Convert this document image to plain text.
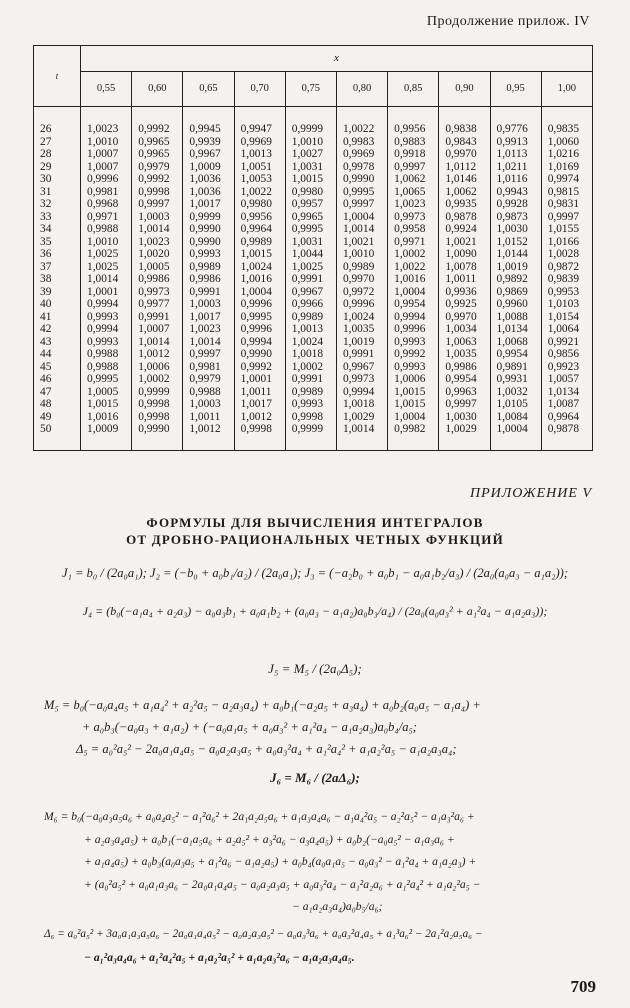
Продолжение прилож. IV
t	x									
	0,55	0,60	0,65	0,70	0,75	0,80	0,85	0,90	0,95	1,00
26	1,0023	0,9992	0,9945	0,9947	0,9999	1,0022	0,9956	0,9838	0,9776	0,9835
27	1,0010	0,9965	0,9939	0,9969	1,0010	0,9983	0,9883	0,9843	0,9913	1,0060
28	1,0007	0,9965	0,9967	1,0013	1,0027	0,9969	0,9918	0,9970	1,0113	1,0216
29	1,0007	0,9979	1,0009	1,0051	1,0031	0,9978	0,9997	1,0112	1,0211	1,0169
30	0,9996	0,9992	1,0036	1,0053	1,0015	0,9990	1,0062	1,0146	1,0116	0,9974
31	0,9981	0,9998	1,0036	1,0022	0,9980	0,9995	1,0065	1,0062	0,9943	0,9815
32	0,9968	0,9997	1,0017	0,9980	0,9957	0,9997	1,0023	0,9935	0,9928	0,9831
33	0,9971	1,0003	0,9999	0,9956	0,9965	1,0004	0,9973	0,9878	0,9873	0,9997
34	0,9988	1,0014	0,9990	0,9964	0,9995	1,0014	0,9958	0,9924	1,0030	1,0155
35	1,0010	1,0023	0,9990	0,9989	1,0031	1,0021	0,9971	1,0021	1,0152	1,0166
36	1,0025	1,0020	0,9993	1,0015	1,0044	1,0010	1,0002	1,0090	1,0144	1,0028
37	1,0025	1,0005	0,9989	1,0024	1,0025	0,9989	1,0022	1,0078	1,0019	0,9872
38	1,0014	0,9986	0,9986	1,0016	0,9991	0,9970	1,0016	1,0011	0,9892	0,9839
39	1,0001	0,9973	0,9991	1,0004	0,9967	0,9972	1,0004	0,9936	0,9869	0,9953
40	0,9994	0,9977	1,0003	0,9996	0,9966	0,9996	0,9954	0,9925	0,9960	1,0103
41	0,9993	0,9991	1,0017	0,9995	0,9989	1,0024	0,9994	0,9970	1,0088	1,0154
42	0,9994	1,0007	1,0023	0,9996	1,0013	1,0035	0,9996	1,0034	1,0134	1,0064
43	0,9993	1,0014	1,0014	0,9994	1,0024	1,0019	0,9993	1,0063	1,0068	0,9921
44	0,9988	1,0012	0,9997	0,9990	1,0018	0,9991	0,9992	1,0035	0,9954	0,9856
45	0,9988	1,0006	0,9981	0,9992	1,0002	0,9967	0,9993	0,9986	0,9891	0,9923
46	0,9995	1,0002	0,9979	1,0001	0,9991	0,9973	1,0006	0,9954	0,9931	1,0057
47	1,0005	0,9999	0,9988	1,0011	0,9989	0,9994	1,0015	0,9963	1,0032	1,0134
48	1,0015	0,9998	1,0003	1,0017	0,9993	1,0018	1,0015	0,9997	1,0105	1,0087
49	1,0016	0,9998	1,0011	1,0012	0,9998	1,0029	1,0004	1,0030	1,0084	0,9964
50	1,0009	0,9990	1,0012	0,9998	0,9999	1,0014	0,9982	1,0029	1,0004	0,9878
ПРИЛОЖЕНИЕ V
ФОРМУЛЫ ДЛЯ ВЫЧИСЛЕНИЯ ИНТЕГРАЛОВ
ОТ ДРОБНО-РАЦИОНАЛЬНЫХ ЧЕТНЫХ ФУНКЦИЙ
J₁ = b₀ / (2a₀a₁); J₂ = (−b₀ + a₀b₁/a₂) / (2a₀a₁); J₃ = (−a₂b₀ + a₀b₁ − a₀a₁b₂/a₃) / (2a₀(a₀a₃ − a₁a₂));
J₄ = (b₀(−a₁a₄ + a₂a₃) − a₀a₃b₁ + a₀a₁b₂ + (a₀a₃ − a₁a₂)a₀b₃/a₄) / (2a₀(a₀a₃² + a₁²a₄ − a₁a₂a₃));
J₅ = M₅ / (2a₀Δ₅);
M₅ = b₀(−a₀a₄a₅ + a₁a₄² + a₂²a₅ − a₂a₃a₄) + a₀b₁(−a₂a₅ + a₃a₄) + a₀b₂(a₀a₅ − a₁a₄) +
+ a₀b₃(−a₀a₃ + a₁a₂) + (−a₀a₁a₅ + a₀a₃² + a₁²a₄ − a₁a₂a₃)a₀b₄/a₅;
Δ₅ = a₀²a₅² − 2a₀a₁a₄a₅ − a₀a₂a₃a₅ + a₀a₃²a₄ + a₁²a₄² + a₁a₂²a₅ − a₁a₂a₃a₄;
J₆ = M₆ / (2aΔ₆);
M₆ = b₀(−a₀a₃a₅a₆ + a₀a₄a₅² − a₁²a₆² + 2a₁a₂a₅a₆ + a₁a₃a₄a₆ − a₁a₄²a₅ − a₂²a₅² − a₁a₃²a₆ +
+ a₂a₃a₄a₅) + a₀b₁(−a₁a₅a₆ + a₂a₅² + a₃²a₆ − a₃a₄a₅) + a₀b₂(−a₀a₅² − a₁a₃a₆ +
+ a₁a₄a₅) + a₀b₃(a₀a₃a₅ + a₁²a₆ − a₁a₂a₅) + a₀b₄(a₀a₁a₅ − a₀a₃² − a₁²a₄ + a₁a₂a₃) +
+ (a₀²a₅² + a₀a₁a₃a₆ − 2a₀a₁a₄a₅ − a₀a₂a₃a₅ + a₀a₃²a₄ − a₁²a₂a₆ + a₁²a₄² + a₁a₂²a₅ −
− a₁a₂a₃a₄)a₀b₅/a₆;
Δ₆ = a₀²a₅² + 3a₀a₁a₃a₅a₆ − 2a₀a₁a₄a₅² − a₀a₂a₃a₅² − a₀a₃³a₆ + a₀a₃²a₄a₅ + a₁³a₆² − 2a₁²a₂a₅a₆ −
− a₁²a₃a₄a₆ + a₁²a₄²a₅ + a₁a₂²a₅² + a₁a₂a₃²a₆ − a₁a₂a₃a₄a₅.
709
